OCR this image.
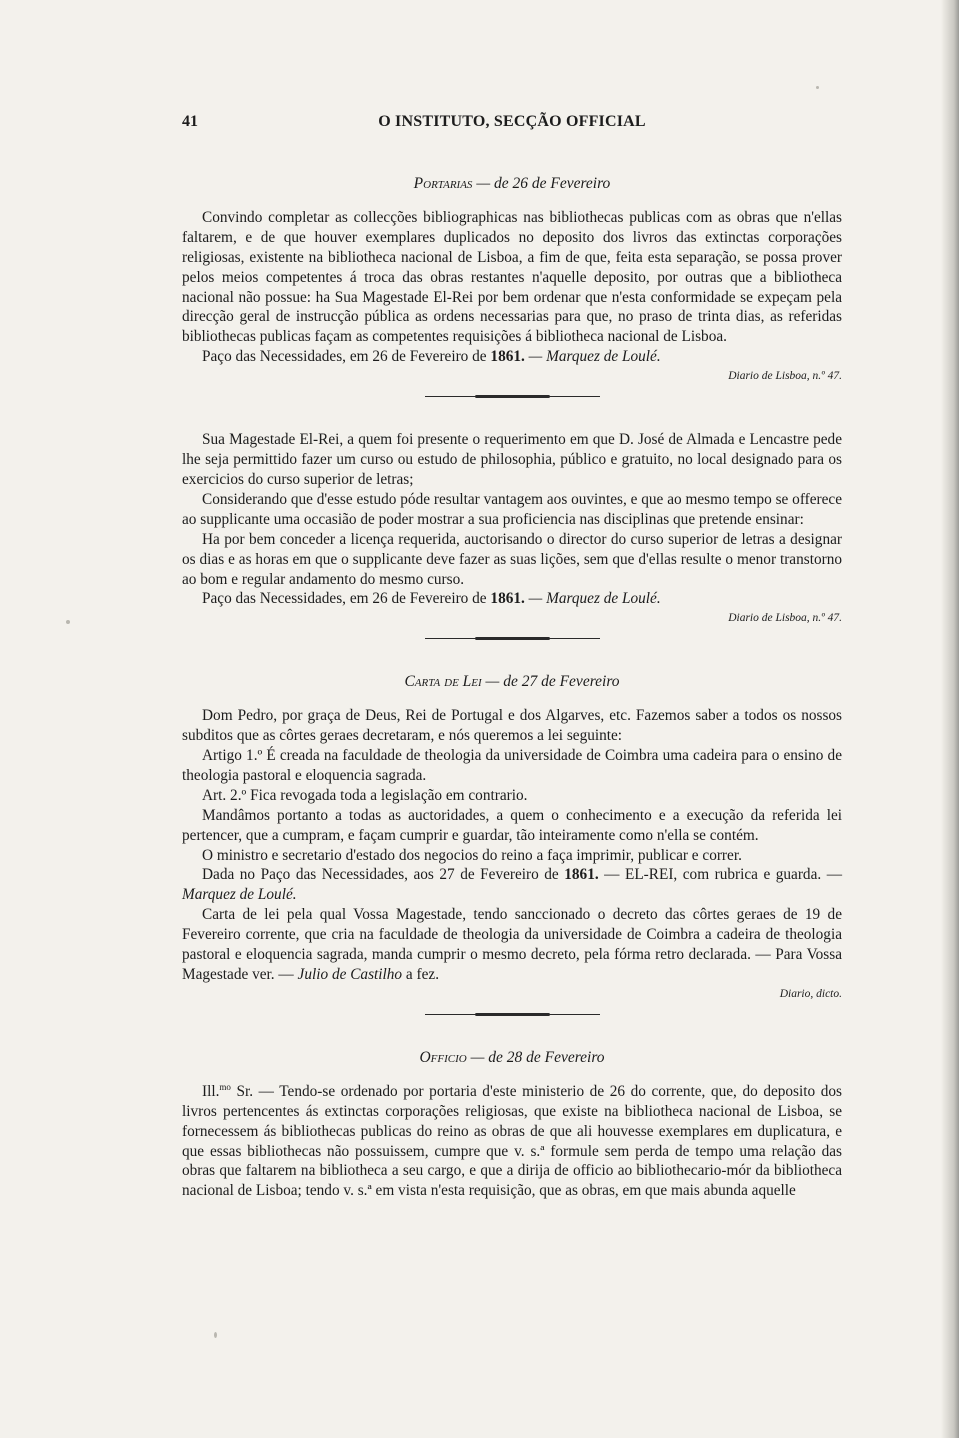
41	O INSTITUTO, SECÇÃO OFFICIAL
Portarias — de 26 de Fevereiro

Convindo completar as collecções bibliographicas nas bibliothecas publicas com as obras que n'ellas faltarem, e de que houver exemplares duplicados no deposito dos livros das extinctas corporações religiosas, existente na bibliotheca nacional de Lisboa, a fim de que, feita esta separação, se possa prover pelos meios competentes á troca das obras restantes n'aquelle deposito, por outras que a bibliotheca nacional não possue: ha Sua Magestade El-Rei por bem ordenar que n'esta conformidade se expeçam pela direcção geral de instrucção pública as ordens necessarias para que, no praso de trinta dias, as referidas bibliothecas publicas façam as competentes requisições á bibliotheca nacional de Lisboa.

Paço das Necessidades, em 26 de Fevereiro de 1861. — Marquez de Loulé.

Diario de Lisboa, n.º 47.

Sua Magestade El-Rei, a quem foi presente o requerimento em que D. José de Almada e Lencastre pede lhe seja permittido fazer um curso ou estudo de philosophia, público e gratuito, no local designado para os exercicios do curso superior de letras;

Considerando que d'esse estudo póde resultar vantagem aos ouvintes, e que ao mesmo tempo se offerece ao supplicante uma occasião de poder mostrar a sua proficiencia nas disciplinas que pretende ensinar:

Ha por bem conceder a licença requerida, auctorisando o director do curso superior de letras a designar os dias e as horas em que o supplicante deve fazer as suas lições, sem que d'ellas resulte o menor transtorno ao bom e regular andamento do mesmo curso.

Paço das Necessidades, em 26 de Fevereiro de 1861. — Marquez de Loulé.

Diario de Lisboa, n.º 47.
Carta de Lei — de 27 de Fevereiro

Dom Pedro, por graça de Deus, Rei de Portugal e dos Algarves, etc. Fazemos saber a todos os nossos subditos que as côrtes geraes decretaram, e nós queremos a lei seguinte:

Artigo 1.º É creada na faculdade de theologia da universidade de Coimbra uma cadeira para o ensino de theologia pastoral e eloquencia sagrada.

Art. 2.º Fica revogada toda a legislação em contrario.

Mandâmos portanto a todas as auctoridades, a quem o conhecimento e a execução da referida lei pertencer, que a cumpram, e façam cumprir e guardar, tão inteiramente como n'ella se contém.

O ministro e secretario d'estado dos negocios do reino a faça imprimir, publicar e correr.

Dada no Paço das Necessidades, aos 27 de Fevereiro de 1861. — EL-REI, com rubrica e guarda. — Marquez de Loulé.

Carta de lei pela qual Vossa Magestade, tendo sanccionado o decreto das côrtes geraes de 19 de Fevereiro corrente, que cria na faculdade de theologia da universidade de Coimbra a cadeira de theologia pastoral e eloquencia sagrada, manda cumprir o mesmo decreto, pela fórma retro declarada. — Para Vossa Magestade ver. — Julio de Castilho a fez.

Diario, dicto.
Officio — de 28 de Fevereiro

Ill.$^{mo}$ Sr. — Tendo-se ordenado por portaria d'este ministerio de 26 do corrente, que, do deposito dos livros pertencentes ás extinctas corporações religiosas, que existe na bibliotheca nacional de Lisboa, se fornecessem ás bibliothecas publicas do reino as obras de que ali houvesse exemplares em duplicatura, e que essas bibliothecas não possuissem, cumpre que v. s.ª formule sem perda de tempo uma relação das obras que faltarem na bibliotheca a seu cargo, e que a dirija de officio ao bibliothecario-mór da bibliotheca nacional de Lisboa; tendo v. s.ª em vista n'esta requisição, que as obras, em que mais abunda aquelle
